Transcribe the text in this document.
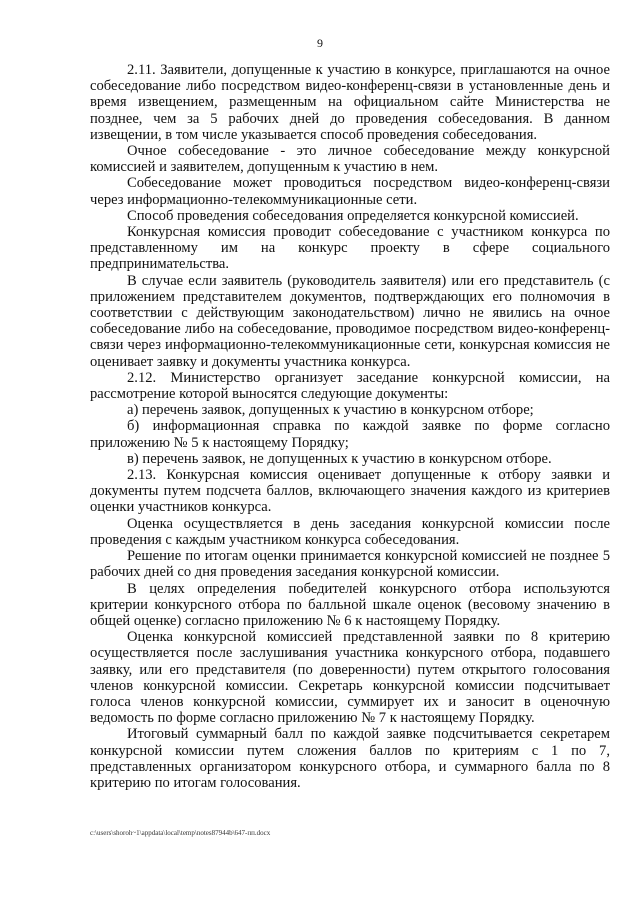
9

2.11. Заявители, допущенные к участию в конкурсе, приглашаются на очное собеседование либо посредством видео-конференц-связи в установленные день и время извещением, размещенным на официальном сайте Министерства не позднее, чем за 5 рабочих дней до проведения собеседования. В данном извещении, в том числе указывается способ проведения собеседования.

Очное собеседование - это личное собеседование между конкурсной комиссией и заявителем, допущенным к участию в нем.

Собеседование может проводиться посредством видео-конференц-связи через информационно-телекоммуникационные сети.

Способ проведения собеседования определяется конкурсной комиссией.

Конкурсная комиссия проводит собеседование с участником конкурса по представленному им на конкурс проекту в сфере социального предпринимательства.

В случае если заявитель (руководитель заявителя) или его представитель (с приложением представителем документов, подтверждающих его полномочия в соответствии с действующим законодательством) лично не явились на очное собеседование либо на собеседование, проводимое посредством видео-конференц-связи через информационно-телекоммуникационные сети, конкурсная комиссия не оценивает заявку и документы участника конкурса.

2.12. Министерство организует заседание конкурсной комиссии, на рассмотрение которой выносятся следующие документы:

а) перечень заявок, допущенных к участию в конкурсном отборе;

б) информационная справка по каждой заявке по форме согласно приложению № 5 к настоящему Порядку;

в) перечень заявок, не допущенных к участию в конкурсном отборе.

2.13. Конкурсная комиссия оценивает допущенные к отбору заявки и документы путем подсчета баллов, включающего значения каждого из критериев оценки участников конкурса.

Оценка осуществляется в день заседания конкурсной комиссии после проведения с каждым участником конкурса собеседования.

Решение по итогам оценки принимается конкурсной комиссией не позднее 5 рабочих дней со дня проведения заседания конкурсной комиссии.

В целях определения победителей конкурсного отбора используются критерии конкурсного отбора по балльной шкале оценок (весовому значению в общей оценке) согласно приложению № 6 к настоящему Порядку.

Оценка конкурсной комиссией представленной заявки по 8 критерию осуществляется после заслушивания участника конкурсного отбора, подавшего заявку, или его представителя (по доверенности) путем открытого голосования членов конкурсной комиссии. Секретарь конкурсной комиссии подсчитывает голоса членов конкурсной комиссии, суммирует их и заносит в оценочную ведомость по форме согласно приложению № 7 к настоящему Порядку.

Итоговый суммарный балл по каждой заявке подсчитывается секретарем конкурсной комиссии путем сложения баллов по критериям с 1 по 7, представленных организатором конкурсного отбора, и суммарного балла по 8 критерию по итогам голосования.

c:\users\shoroh~1\appdata\local\temp\notes87944b\647-пп.docx
